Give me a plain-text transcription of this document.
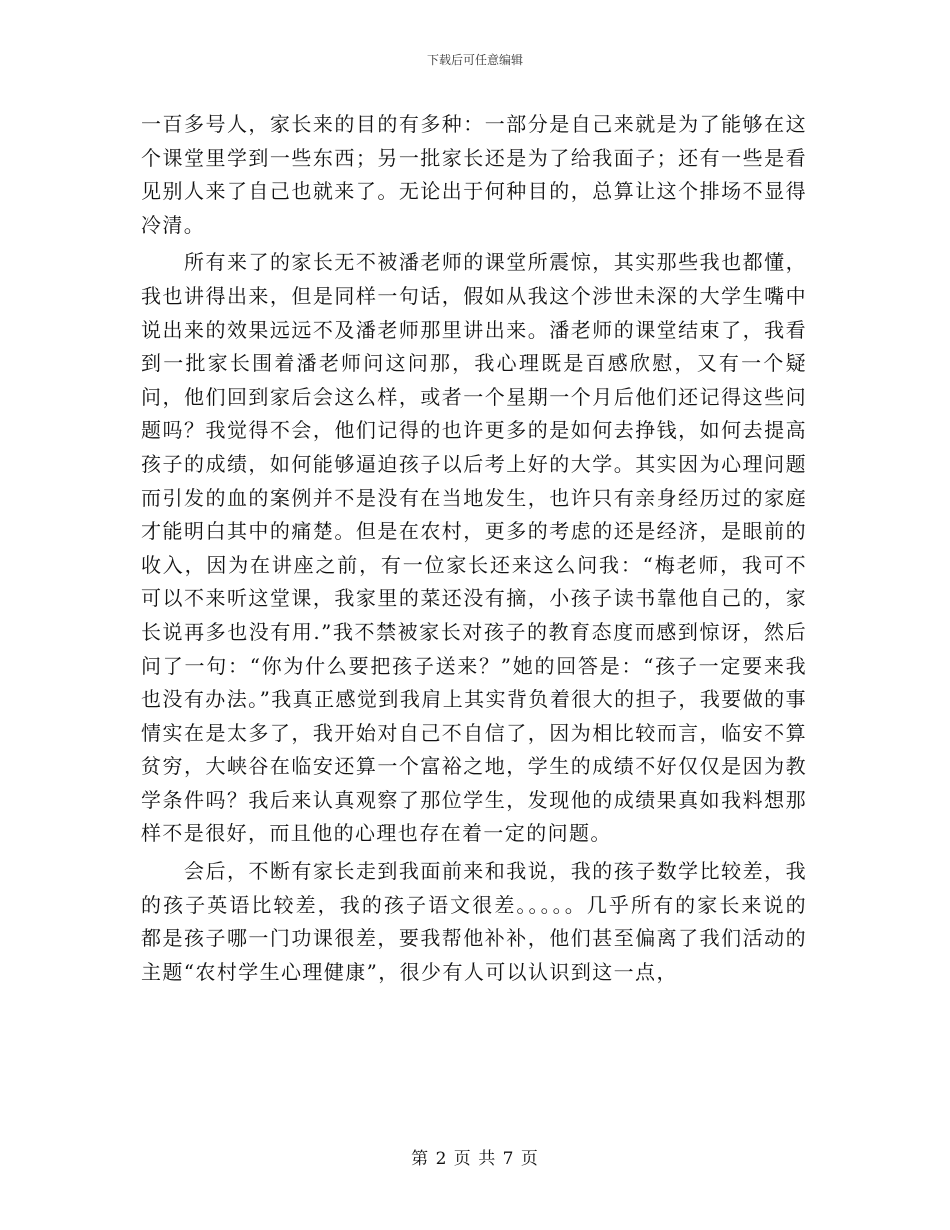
下载后可任意编辑

一百多号人，家长来的目的有多种：一部分是自己来就是为了能够在这个课堂里学到一些东西；另一批家长还是为了给我面子；还有一些是看见别人来了自己也就来了。无论出于何种目的，总算让这个排场不显得冷清。

所有来了的家长无不被潘老师的课堂所震惊，其实那些我也都懂，我也讲得出来，但是同样一句话，假如从我这个涉世未深的大学生嘴中说出来的效果远远不及潘老师那里讲出来。潘老师的课堂结束了，我看到一批家长围着潘老师问这问那，我心理既是百感欣慰，又有一个疑问，他们回到家后会这么样，或者一个星期一个月后他们还记得这些问题吗？我觉得不会，他们记得的也许更多的是如何去挣钱，如何去提高孩子的成绩，如何能够逼迫孩子以后考上好的大学。其实因为心理问题而引发的血的案例并不是没有在当地发生，也许只有亲身经历过的家庭才能明白其中的痛楚。但是在农村，更多的考虑的还是经济，是眼前的收入，因为在讲座之前，有一位家长还来这么问我：“梅老师，我可不可以不来听这堂课，我家里的菜还没有摘，小孩子读书靠他自己的，家长说再多也没有用.”我不禁被家长对孩子的教育态度而感到惊讶，然后问了一句：“你为什么要把孩子送来？”她的回答是：“孩子一定要来我也没有办法。”我真正感觉到我肩上其实背负着很大的担子，我要做的事情实在是太多了，我开始对自己不自信了，因为相比较而言，临安不算贫穷，大峡谷在临安还算一个富裕之地，学生的成绩不好仅仅是因为教学条件吗？我后来认真观察了那位学生，发现他的成绩果真如我料想那样不是很好，而且他的心理也存在着一定的问题。

会后，不断有家长走到我面前来和我说，我的孩子数学比较差，我的孩子英语比较差，我的孩子语文很差。。。。。几乎所有的家长来说的都是孩子哪一门功课很差，要我帮他补补，他们甚至偏离了我们活动的主题“农村学生心理健康”，很少有人可以认识到这一点，

第 2 页 共 7 页
